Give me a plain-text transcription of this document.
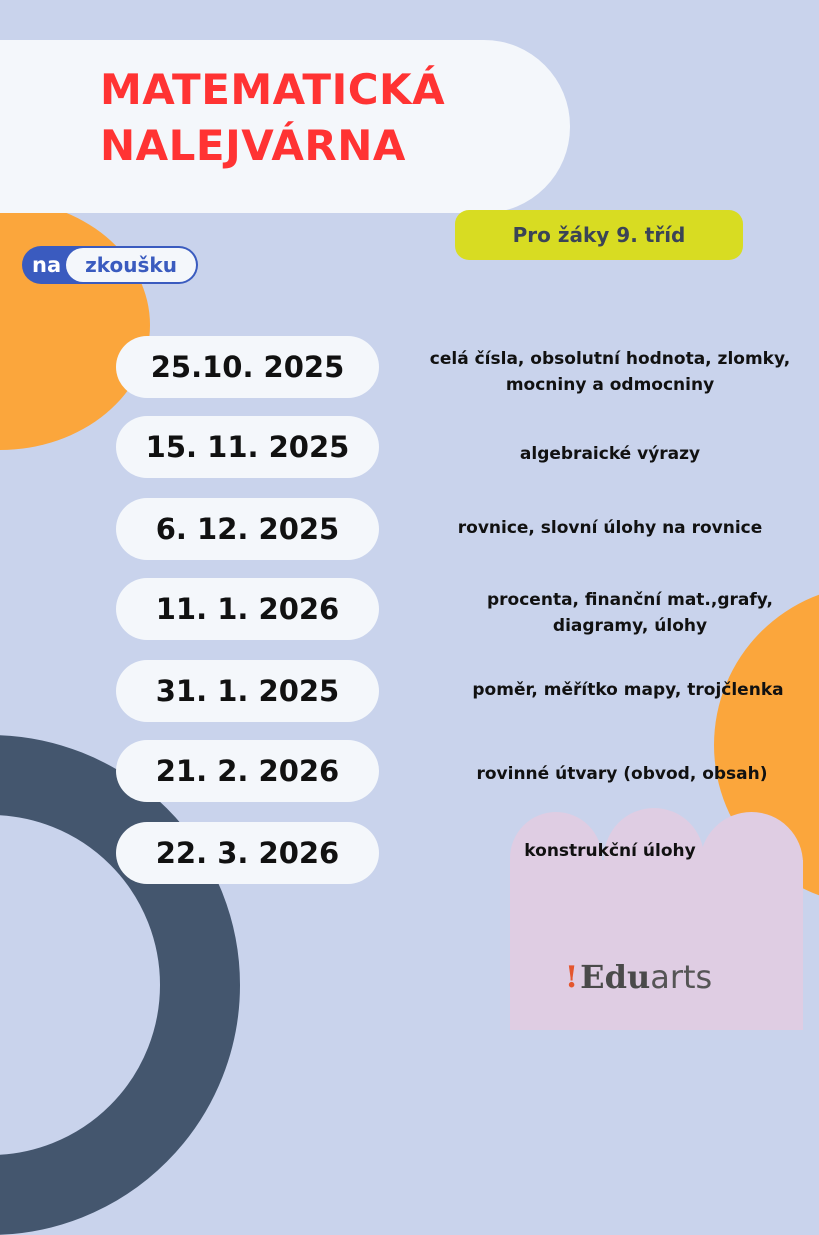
MATEMATICKÁ NALEJVÁRNA
Pro žáky 9. tříd
na	zkoušku
25.10. 2025	celá čísla, obsolutní hodnota, zlomky, mocniny a odmocniny
15. 11. 2025	algebraické výrazy
6. 12. 2025	rovnice, slovní úlohy na rovnice
11. 1. 2026	procenta, finanční mat.,grafy, diagramy, úlohy
31. 1. 2025	poměr, měřítko mapy, trojčlenka
21. 2. 2026	rovinné útvary (obvod, obsah)
22. 3. 2026	konstrukční úlohy
! Edu arts
